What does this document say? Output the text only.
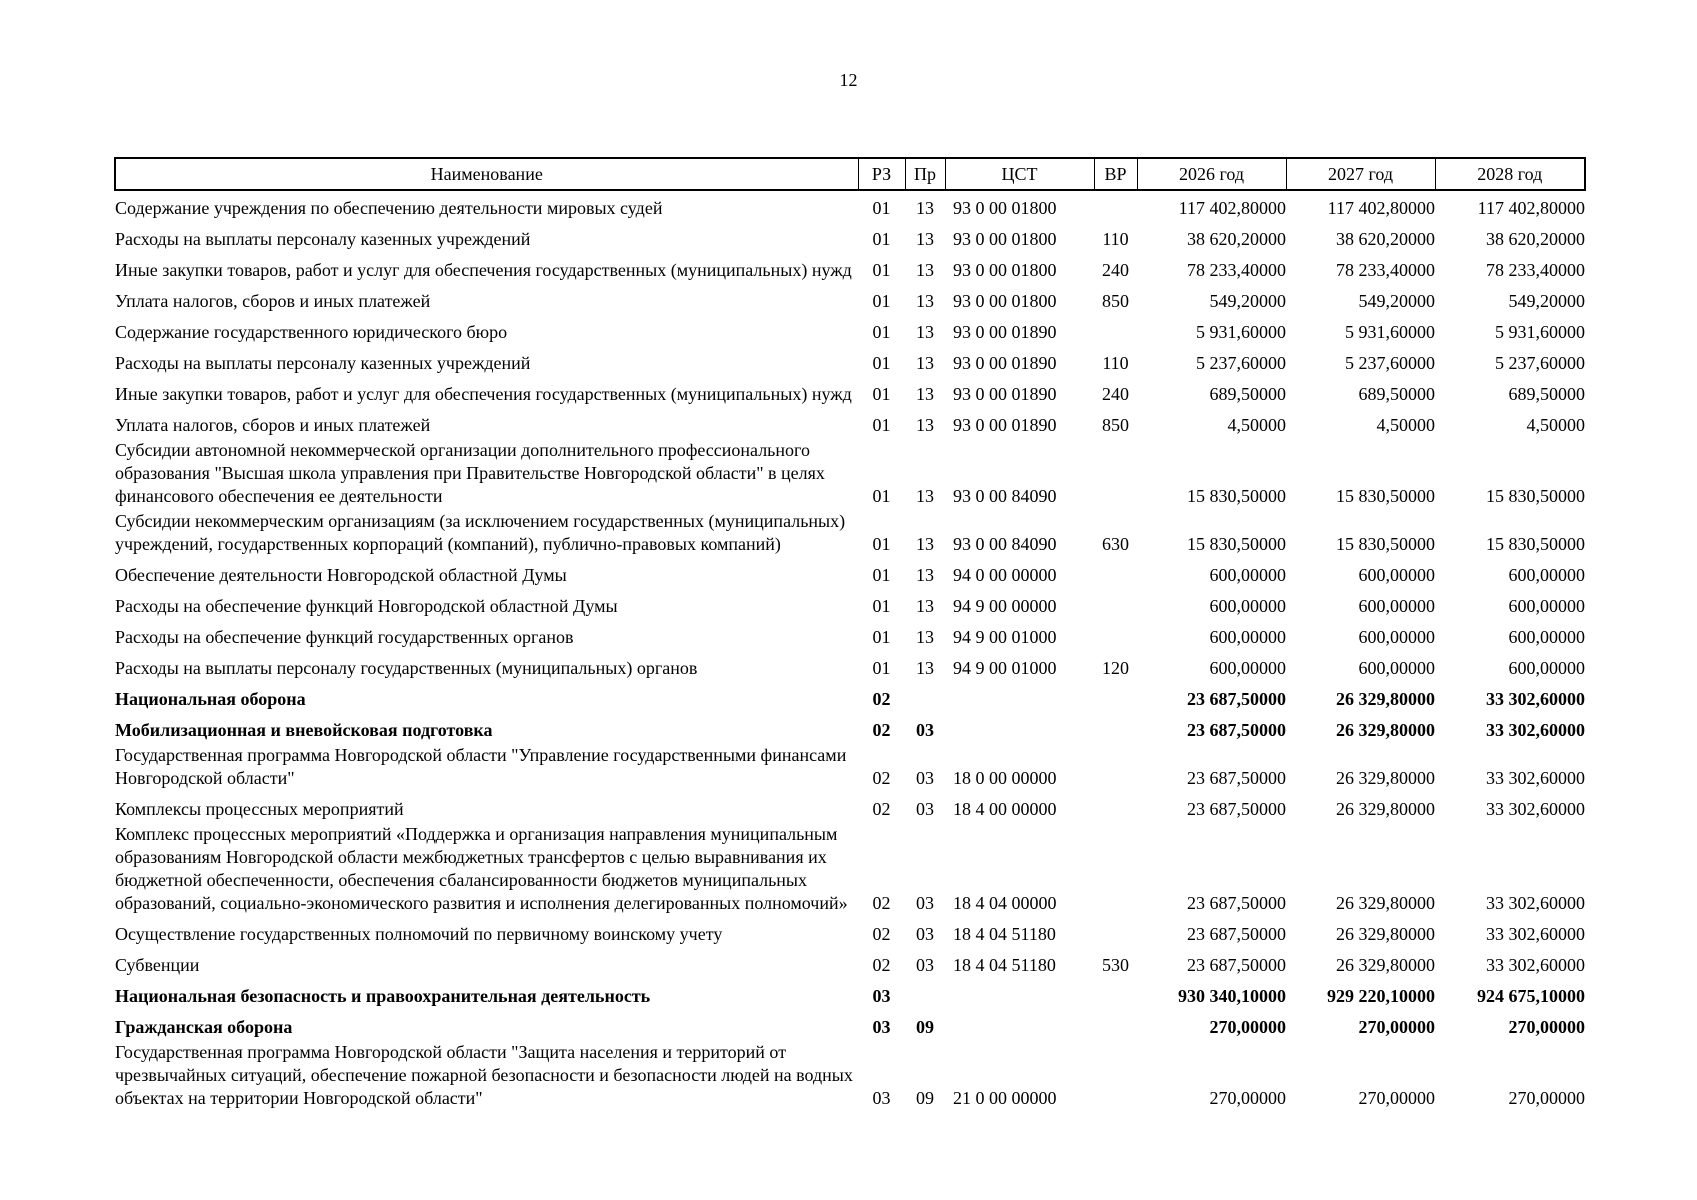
12
Наименование	РЗ	Пр	ЦСТ	ВР	2026 год	2027 год	2028 год
Содержание учреждения по обеспечению деятельности мировых судей	01	13	93 0 00 01800		117 402,80000	117 402,80000	117 402,80000
Расходы на выплаты персоналу казенных учреждений	01	13	93 0 00 01800	110	38 620,20000	38 620,20000	38 620,20000
Иные закупки товаров, работ и услуг для обеспечения государственных (муниципальных) нужд	01	13	93 0 00 01800	240	78 233,40000	78 233,40000	78 233,40000
Уплата налогов, сборов и иных платежей	01	13	93 0 00 01800	850	549,20000	549,20000	549,20000
Содержание государственного юридического бюро	01	13	93 0 00 01890		5 931,60000	5 931,60000	5 931,60000
Расходы на выплаты персоналу казенных учреждений	01	13	93 0 00 01890	110	5 237,60000	5 237,60000	5 237,60000
Иные закупки товаров, работ и услуг для обеспечения государственных (муниципальных) нужд	01	13	93 0 00 01890	240	689,50000	689,50000	689,50000
Уплата налогов, сборов и иных платежей	01	13	93 0 00 01890	850	4,50000	4,50000	4,50000
Субсидии автономной некоммерческой организации дополнительного профессионального образования "Высшая школа управления при Правительстве Новгородской области" в целях финансового обеспечения ее деятельности	01	13	93 0 00 84090		15 830,50000	15 830,50000	15 830,50000
Субсидии некоммерческим организациям (за исключением государственных (муниципальных) учреждений, государственных корпораций (компаний), публично-правовых компаний)	01	13	93 0 00 84090	630	15 830,50000	15 830,50000	15 830,50000
Обеспечение деятельности Новгородской областной Думы	01	13	94 0 00 00000		600,00000	600,00000	600,00000
Расходы на обеспечение функций Новгородской областной Думы	01	13	94 9 00 00000		600,00000	600,00000	600,00000
Расходы на обеспечение функций государственных органов	01	13	94 9 00 01000		600,00000	600,00000	600,00000
Расходы на выплаты персоналу государственных (муниципальных) органов	01	13	94 9 00 01000	120	600,00000	600,00000	600,00000
Национальная оборона	02				23 687,50000	26 329,80000	33 302,60000
Мобилизационная и вневойсковая подготовка	02	03			23 687,50000	26 329,80000	33 302,60000
Государственная программа Новгородской области "Управление государственными финансами Новгородской области"	02	03	18 0 00 00000		23 687,50000	26 329,80000	33 302,60000
Комплексы процессных мероприятий	02	03	18 4 00 00000		23 687,50000	26 329,80000	33 302,60000
Комплекс процессных мероприятий «Поддержка и организация направления муниципальным образованиям Новгородской области межбюджетных трансфертов с целью выравнивания их бюджетной обеспеченности, обеспечения сбалансированности бюджетов муниципальных образований, социально-экономического развития и исполнения делегированных полномочий»	02	03	18 4 04 00000		23 687,50000	26 329,80000	33 302,60000
Осуществление государственных полномочий по первичному воинскому учету	02	03	18 4 04 51180		23 687,50000	26 329,80000	33 302,60000
Субвенции	02	03	18 4 04 51180	530	23 687,50000	26 329,80000	33 302,60000
Национальная безопасность и правоохранительная деятельность	03				930 340,10000	929 220,10000	924 675,10000
Гражданская оборона	03	09			270,00000	270,00000	270,00000
Государственная программа Новгородской области "Защита населения и территорий от чрезвычайных ситуаций, обеспечение пожарной безопасности и безопасности людей на водных объектах на территории Новгородской области"	03	09	21 0 00 00000		270,00000	270,00000	270,00000
